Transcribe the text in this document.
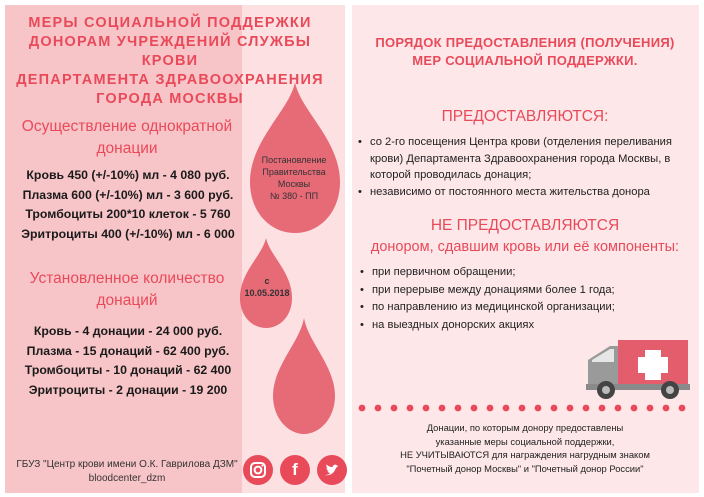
МЕРЫ СОЦИАЛЬНОЙ ПОДДЕРЖКИ
ДОНОРАМ УЧРЕЖДЕНИЙ СЛУЖБЫ КРОВИ
ДЕПАРТАМЕНТА ЗДРАВООХРАНЕНИЯ
ГОРОДА МОСКВЫ
Осуществление однократной
донации
Кровь 450 (+/-10%) мл - 4 080 руб.
Плазма 600 (+/-10%) мл - 3 600 руб.
Тромбоциты 200*10 клеток - 5 760
Эритроциты 400 (+/-10%) мл - 6 000
Установленное количество
донаций
Кровь - 4 донации - 24 000 руб.
Плазма - 15 донаций - 62 400 руб.
Тромбоциты - 10 донаций - 62 400
Эритроциты - 2 донации - 19 200
Постановление
Правительства
Москвы
№ 380 - ПП
с
10.05.2018
ГБУЗ "Центр крови имени О.К. Гаврилова ДЗМ"
bloodcenter_dzm	f
ПОРЯДОК ПРЕДОСТАВЛЕНИЯ (ПОЛУЧЕНИЯ)
МЕР СОЦИАЛЬНОЙ ПОДДЕРЖКИ.
ПРЕДОСТАВЛЯЮТСЯ:
• со 2-го посещения Центра крови (отделения переливания крови) Департамента Здравоохранения города Москвы, в которой проводилась донация;
• независимо от постоянного места жительства донора
НЕ ПРЕДОСТАВЛЯЮТСЯ
донором, сдавшим кровь или её компоненты:
• при первичном обращении;
• при перерыве между донациями более 1 года;
• по направлению из медицинской организации;
• на выездных донорских акциях
Донации, по которым донору предоставлены
указанные меры социальной поддержки,
НЕ УЧИТЫВАЮТСЯ для награждения нагрудным знаком
"Почетный донор Москвы" и "Почетный донор России"
